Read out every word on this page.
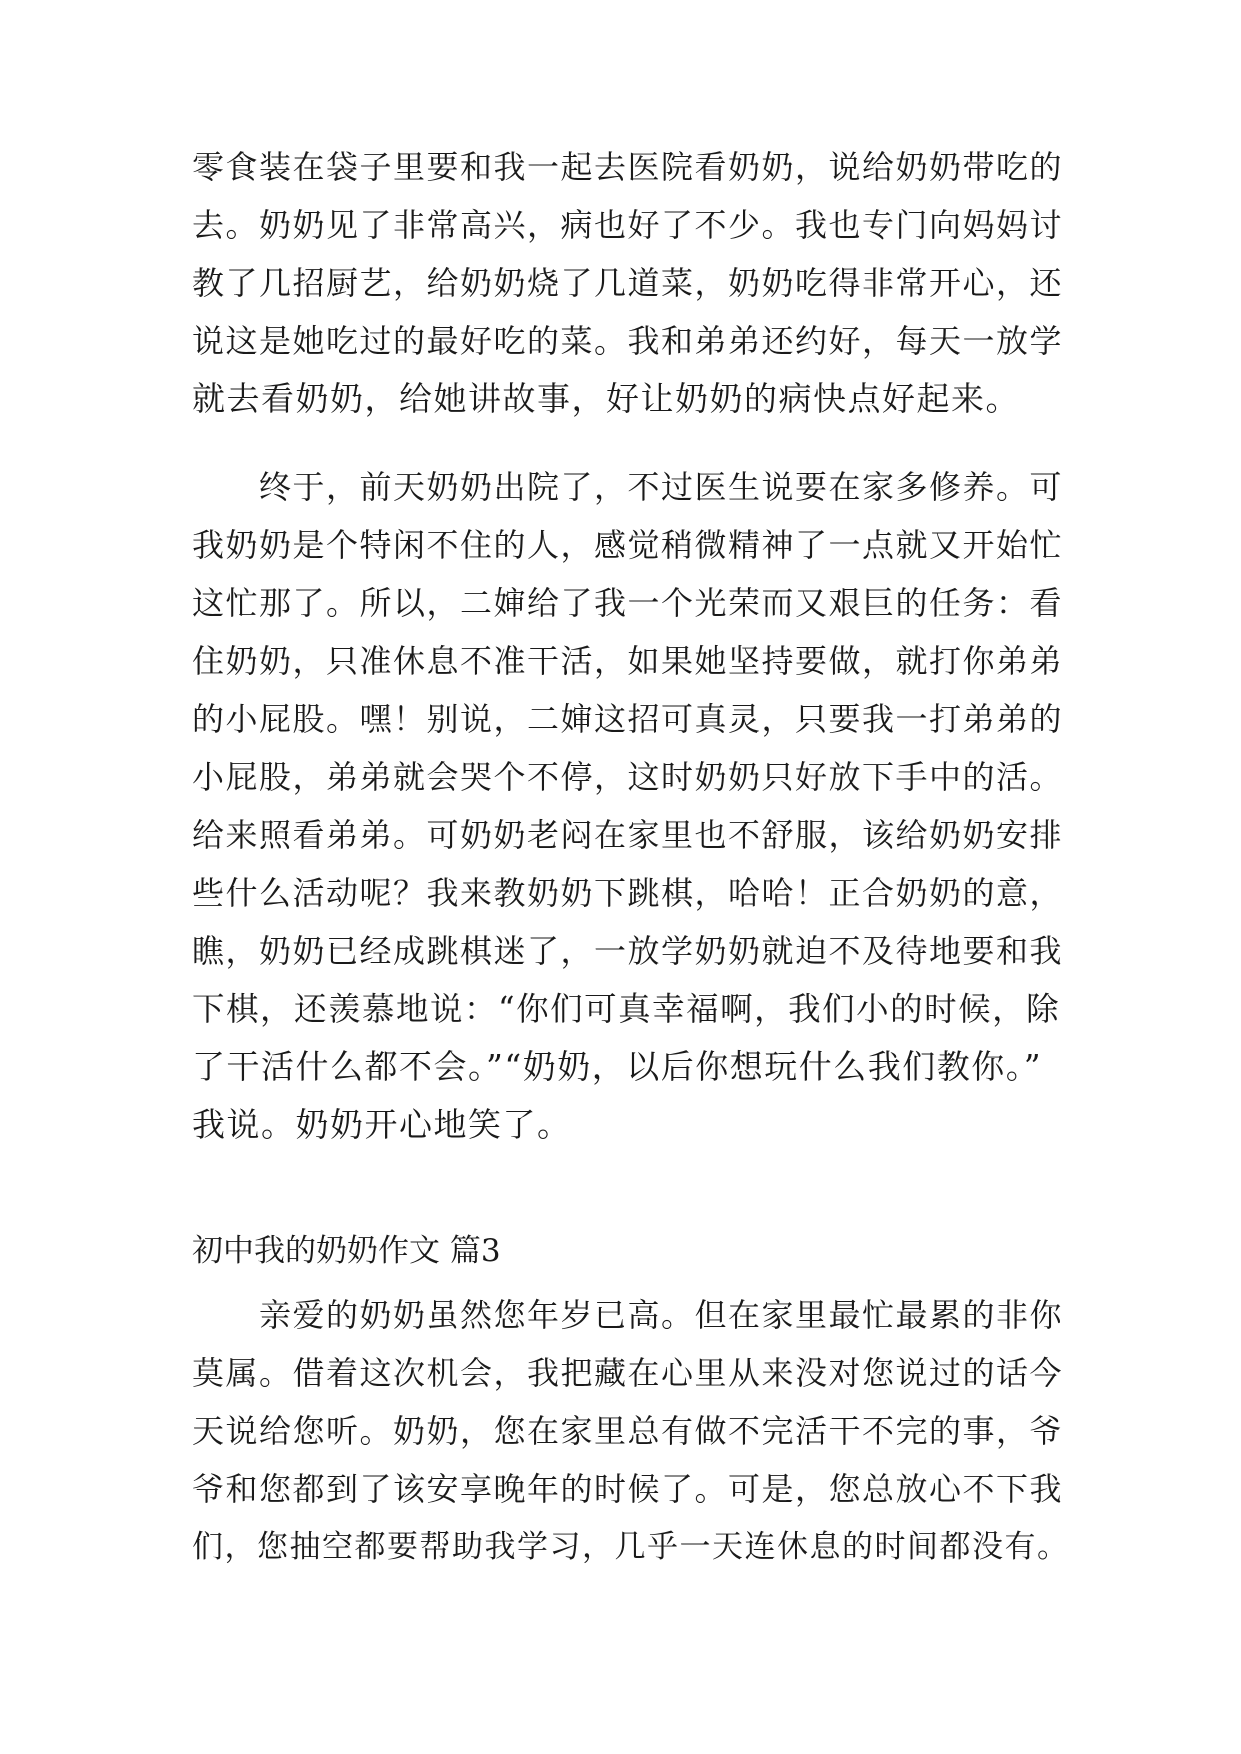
零食装在袋子里要和我一起去医院看奶奶，说给奶奶带吃的
去。奶奶见了非常高兴，病也好了不少。我也专门向妈妈讨
教了几招厨艺，给奶奶烧了几道菜，奶奶吃得非常开心，还
说这是她吃过的最好吃的菜。我和弟弟还约好，每天一放学
就去看奶奶，给她讲故事，好让奶奶的病快点好起来。
　　终于，前天奶奶出院了，不过医生说要在家多修养。可
我奶奶是个特闲不住的人，感觉稍微精神了一点就又开始忙
这忙那了。所以，二婶给了我一个光荣而又艰巨的任务：看
住奶奶，只准休息不准干活，如果她坚持要做，就打你弟弟
的小屁股。嘿！别说，二婶这招可真灵，只要我一打弟弟的
小屁股，弟弟就会哭个不停，这时奶奶只好放下手中的活。
给来照看弟弟。可奶奶老闷在家里也不舒服，该给奶奶安排
些什么活动呢？我来教奶奶下跳棋，哈哈！正合奶奶的意，
瞧，奶奶已经成跳棋迷了，一放学奶奶就迫不及待地要和我
下棋，还羡慕地说：“你们可真幸福啊，我们小的时候，除
了干活什么都不会。”“奶奶，以后你想玩什么我们教你。”
我说。奶奶开心地笑了。
初中我的奶奶作文 篇3
　　亲爱的奶奶虽然您年岁已高。但在家里最忙最累的非你
莫属。借着这次机会，我把藏在心里从来没对您说过的话今
天说给您听。奶奶，您在家里总有做不完活干不完的事，爷
爷和您都到了该安享晚年的时候了。可是，您总放心不下我
们，您抽空都要帮助我学习，几乎一天连休息的时间都没有。
